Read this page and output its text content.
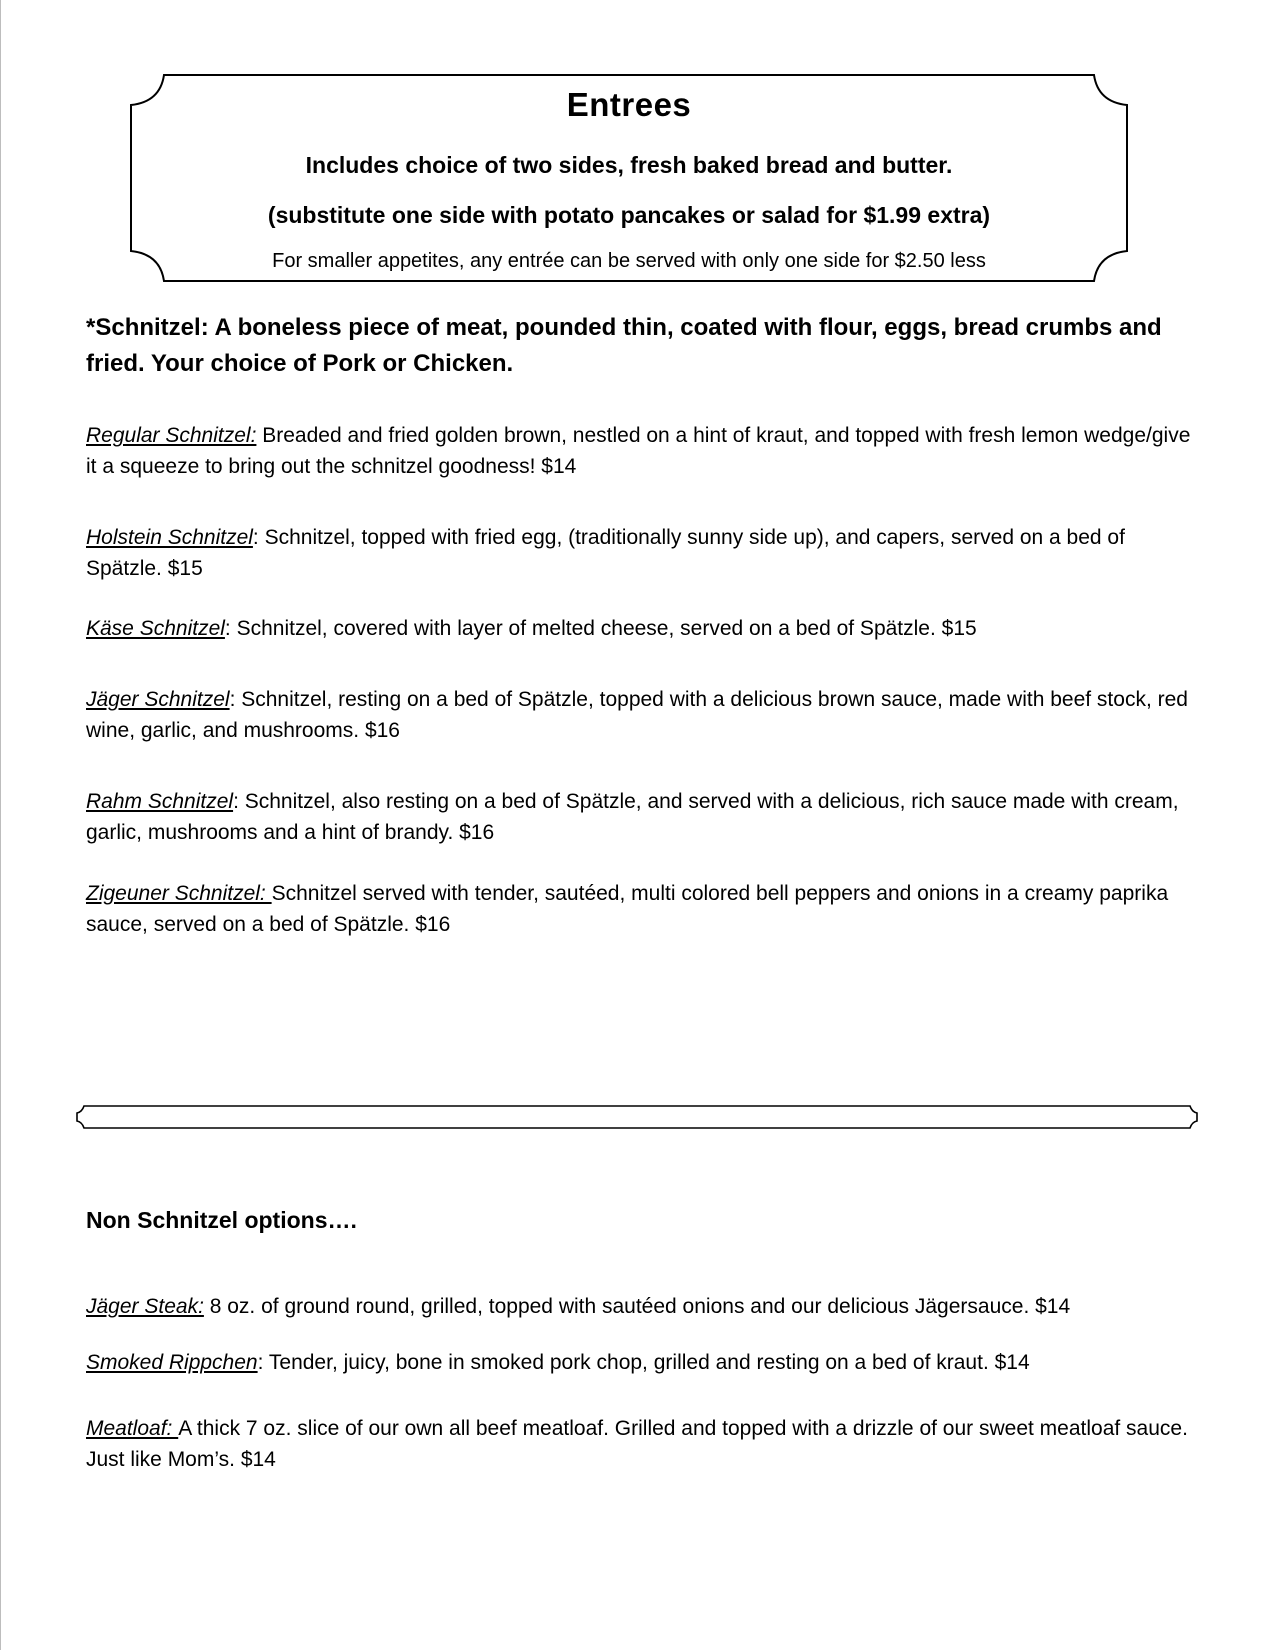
Entrees
Includes choice of two sides, fresh baked bread and butter.
(substitute one side with potato pancakes or salad for $1.99 extra)
For smaller appetites, any entrée can be served with only one side for $2.50 less
*Schnitzel: A boneless piece of meat, pounded thin, coated with flour, eggs, bread crumbs and fried. Your choice of Pork or Chicken.
Regular Schnitzel: Breaded and fried golden brown, nestled on a hint of kraut, and topped with fresh lemon wedge/give it a squeeze to bring out the schnitzel goodness! $14
Holstein Schnitzel: Schnitzel, topped with fried egg, (traditionally sunny side up), and capers, served on a bed of Spätzle. $15
Käse Schnitzel: Schnitzel, covered with layer of melted cheese, served on a bed of Spätzle. $15
Jäger Schnitzel: Schnitzel, resting on a bed of Spätzle, topped with a delicious brown sauce, made with beef stock, red wine, garlic, and mushrooms. $16
Rahm Schnitzel: Schnitzel, also resting on a bed of Spätzle, and served with a delicious, rich sauce made with cream, garlic, mushrooms and a hint of brandy. $16
Zigeuner Schnitzel: Schnitzel served with tender, sautéed, multi colored bell peppers and onions in a creamy paprika sauce, served on a bed of Spätzle. $16
Non Schnitzel options….
Jäger Steak: 8 oz. of ground round, grilled, topped with sautéed onions and our delicious Jägersauce. $14
Smoked Rippchen: Tender, juicy, bone in smoked pork chop, grilled and resting on a bed of kraut. $14
Meatloaf: A thick 7 oz. slice of our own all beef meatloaf. Grilled and topped with a drizzle of our sweet meatloaf sauce. Just like Mom’s. $14
